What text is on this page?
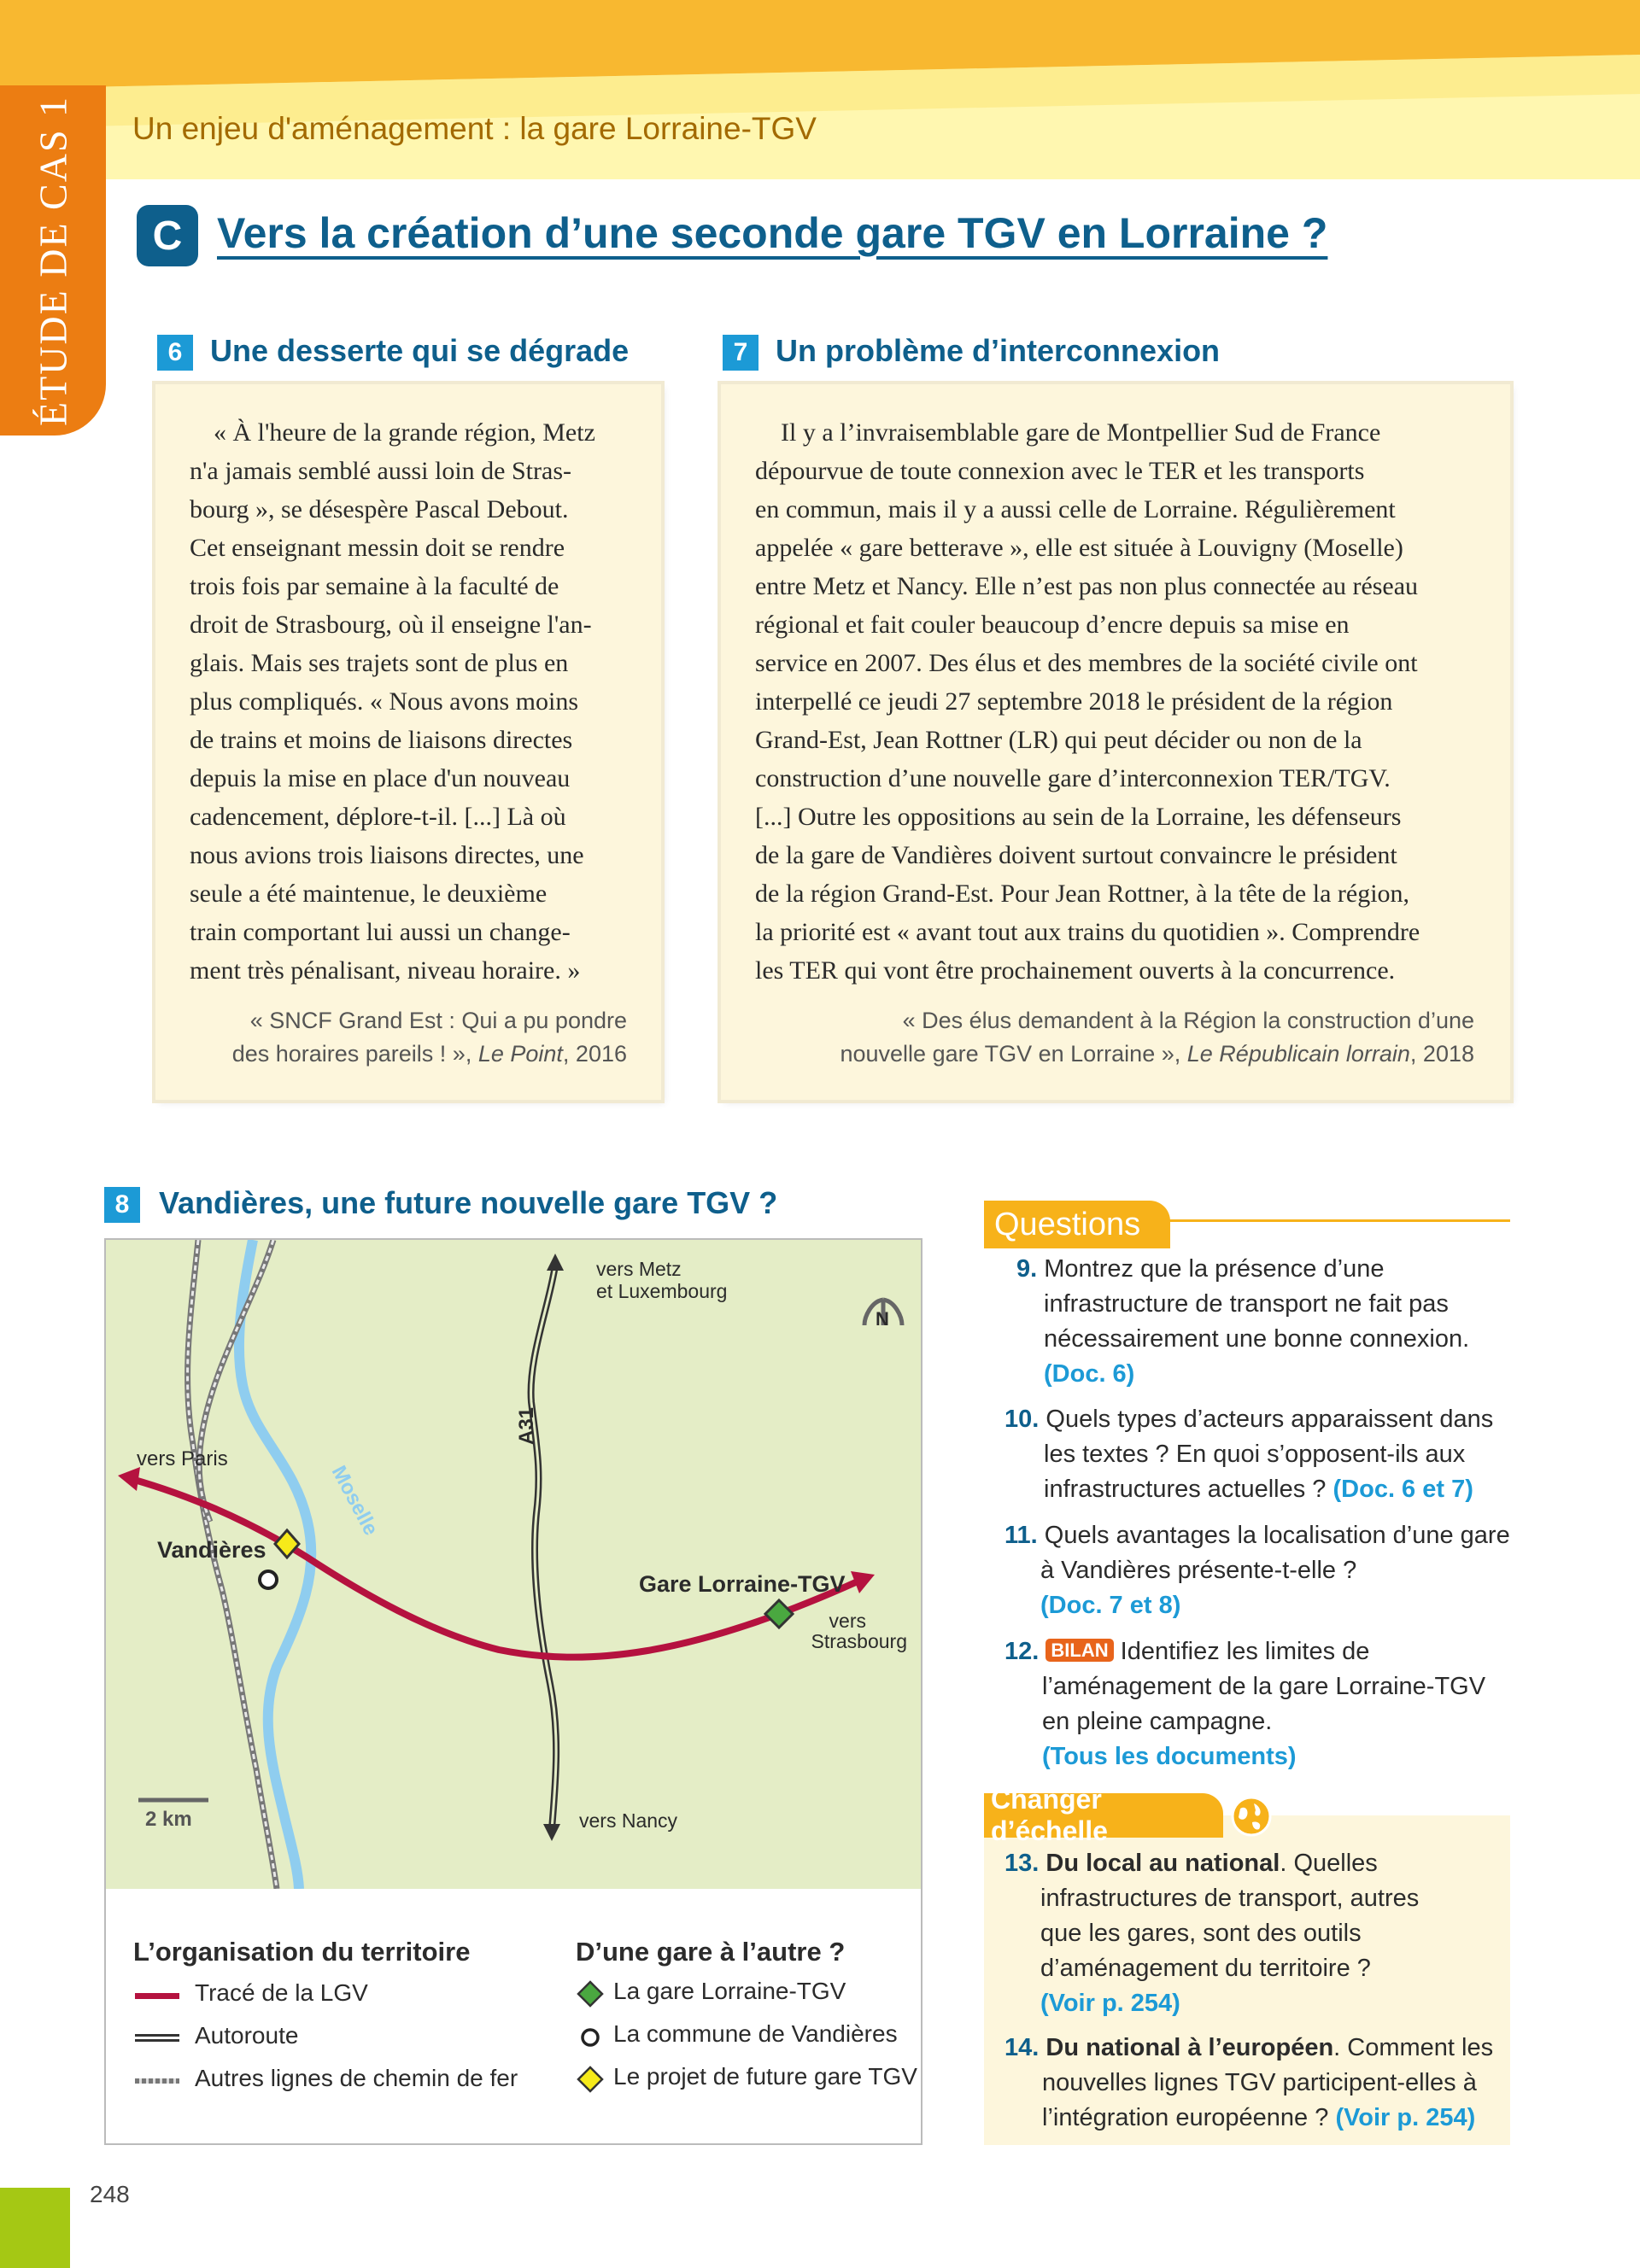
ÉTUDE DE CAS 1	Un enjeu d'aménagement : la gare Lorraine-TGV
C Vers la création d’une seconde gare TGV en Lorraine ?
6 Une desserte qui se dégrade
« À l'heure de la grande région, Metz
n'a jamais semblé aussi loin de Stras-
bourg », se désespère Pascal Debout.
Cet enseignant messin doit se rendre
trois fois par semaine à la faculté de
droit de Strasbourg, où il enseigne l'an-
glais. Mais ses trajets sont de plus en
plus compliqués. « Nous avons moins
de trains et moins de liaisons directes
depuis la mise en place d'un nouveau
cadencement, déplore-t-il. [...] Là où
nous avions trois liaisons directes, une
seule a été maintenue, le deuxième
train comportant lui aussi un change-
ment très pénalisant, niveau horaire. »
« SNCF Grand Est : Qui a pu pondre
des horaires pareils ! », Le Point, 2016
7 Un problème d’interconnexion
Il y a l’invraisemblable gare de Montpellier Sud de France
dépourvue de toute connexion avec le TER et les transports
en commun, mais il y a aussi celle de Lorraine. Régulièrement
appelée « gare betterave », elle est située à Louvigny (Moselle)
entre Metz et Nancy. Elle n’est pas non plus connectée au réseau
régional et fait couler beaucoup d’encre depuis sa mise en
service en 2007. Des élus et des membres de la société civile ont
interpellé ce jeudi 27 septembre 2018 le président de la région
Grand-Est, Jean Rottner (LR) qui peut décider ou non de la
construction d’une nouvelle gare d’interconnexion TER/TGV.
[...] Outre les oppositions au sein de la Lorraine, les défenseurs
de la gare de Vandières doivent surtout convaincre le président
de la région Grand-Est. Pour Jean Rottner, à la tête de la région,
la priorité est « avant tout aux trains du quotidien ». Comprendre
les TER qui vont être prochainement ouverts à la concurrence.
« Des élus demandent à la Région la construction d’une
nouvelle gare TGV en Lorraine », Le Républicain lorrain, 2018
8 Vandières, une future nouvelle gare TGV ?
N
vers Metz
et Luxembourg
A31
Moselle
vers Paris
Vandières
Gare Lorraine-TGV
vers
Strasbourg
2 km	vers Nancy
L’organisation du territoire
Tracé de la LGV
Autoroute
Autres lignes de chemin de fer
D’une gare à l’autre ?
La gare Lorraine-TGV
La commune de Vandières
Le projet de future gare TGV
Questions
9. Montrez que la présence d’une
infrastructure de transport ne fait pas
nécessairement une bonne connexion.
(Doc. 6)
10. Quels types d’acteurs apparaissent dans
les textes ? En quoi s’opposent-ils aux
infrastructures actuelles ? (Doc. 6 et 7)
11. Quels avantages la localisation d’une gare
à Vandières présente-t-elle ?
(Doc. 7 et 8)
12. BILAN Identifiez les limites de
l’aménagement de la gare Lorraine-TGV
en pleine campagne.
(Tous les documents)
Changer d’échelle
13. Du local au national. Quelles
infrastructures de transport, autres
que les gares, sont des outils
d’aménagement du territoire ?
(Voir p. 254)
14. Du national à l’européen. Comment les
nouvelles lignes TGV participent-elles à
l’intégration européenne ? (Voir p. 254)
248
